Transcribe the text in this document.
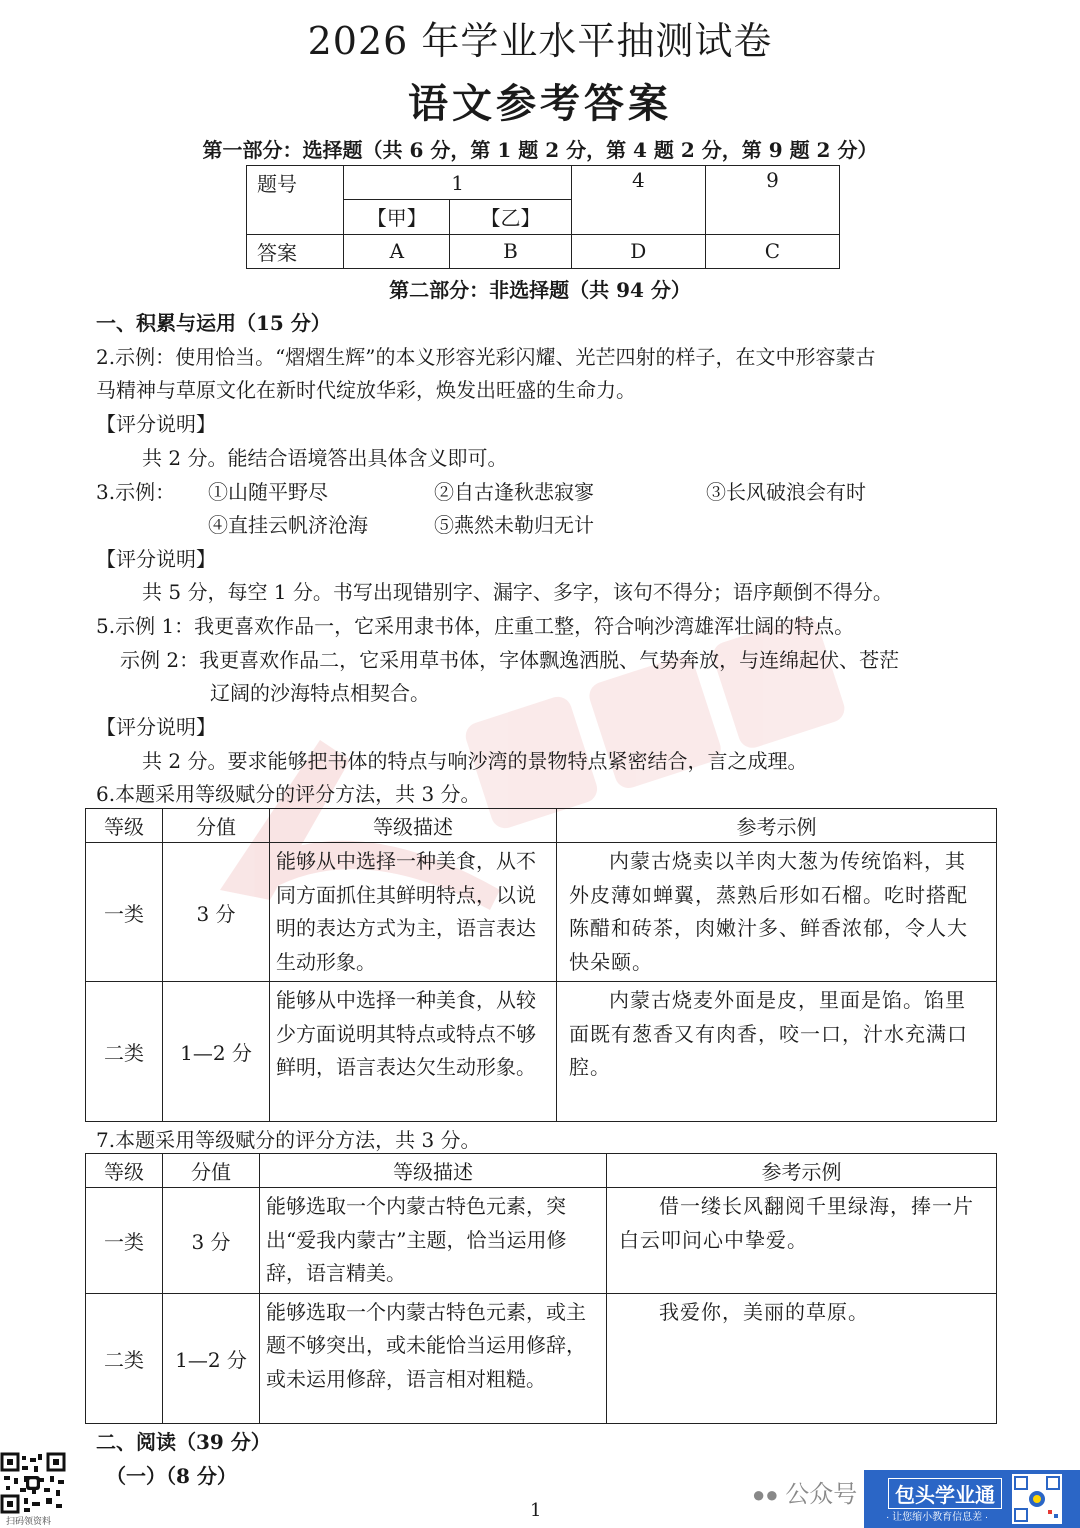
2026 年学业水平抽测试卷
语文参考答案
第一部分：选择题（共 6 分，第 1 题 2 分，第 4 题 2 分，第 9 题 2 分）
题号	1		4	9
	【甲】	【乙】		
答案	A	B	D	C
第二部分：非选择题（共 94 分）
一、积累与运用（15 分）
2.示例：使用恰当。“熠熠生辉”的本义形容光彩闪耀、光芒四射的样子，在文中形容蒙古
马精神与草原文化在新时代绽放华彩，焕发出旺盛的生命力。
【评分说明】
共 2 分。能结合语境答出具体含义即可。
3.示例： ①山随平野尽	②自古逢秋悲寂寥	③长风破浪会有时
④直挂云帆济沧海	⑤燕然未勒归无计
【评分说明】
共 5 分，每空 1 分。书写出现错别字、漏字、多字，该句不得分；语序颠倒不得分。
5.示例 1：我更喜欢作品一，它采用隶书体，庄重工整，符合响沙湾雄浑壮阔的特点。
示例 2：我更喜欢作品二，它采用草书体，字体飘逸洒脱、气势奔放，与连绵起伏、苍茫
辽阔的沙海特点相契合。
【评分说明】
共 2 分。要求能够把书体的特点与响沙湾的景物特点紧密结合，言之成理。
6.本题采用等级赋分的评分方法，共 3 分。
等级	分值	等级描述	参考示例
一类	3 分	能够从中选择一种美食，从不同方面抓住其鲜明特点，以说明的表达方式为主，语言表达生动形象。	内蒙古烧卖以羊肉大葱为传统馅料，其外皮薄如蝉翼，蒸熟后形如石榴。吃时搭配陈醋和砖茶，肉嫩汁多、鲜香浓郁，令人大快朵颐。
二类	1—2 分	能够从中选择一种美食，从较少方面说明其特点或特点不够鲜明，语言表达欠生动形象。	内蒙古烧麦外面是皮，里面是馅。馅里面既有葱香又有肉香，咬一口，汁水充满口腔。
7.本题采用等级赋分的评分方法，共 3 分。
等级	分值	等级描述	参考示例
一类	3 分	能够选取一个内蒙古特色元素，突出“爱我内蒙古”主题，恰当运用修辞，语言精美。	借一缕长风翻阅千里绿海，捧一片白云叩问心中挚爱。
二类	1—2 分	能够选取一个内蒙古特色元素，或主题不够突出，或未能恰当运用修辞，或未运用修辞，语言相对粗糙。	我爱你，美丽的草原。
二、阅读（39 分）
（一）（8 分）
1
扫码领资料
●● 公众号	包头学业通
· 让您缩小教育信息差 ·
